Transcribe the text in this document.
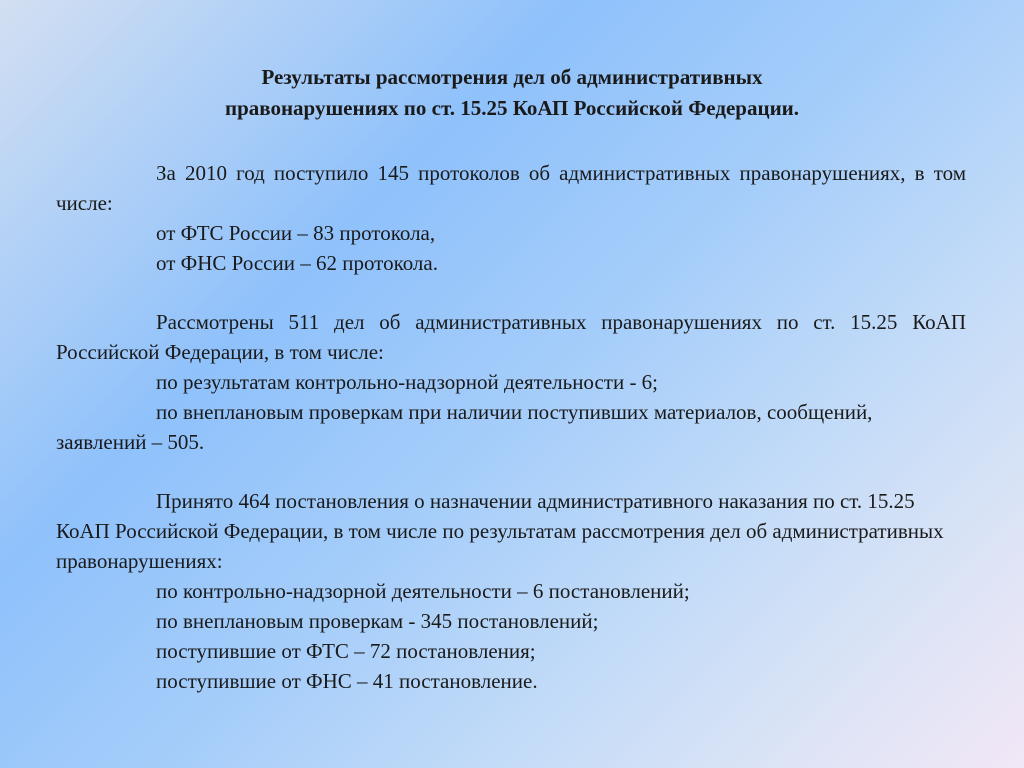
Результаты рассмотрения дел об административных
правонарушениях по ст. 15.25 КоАП Российской Федерации.

За 2010 год поступило 145 протоколов об административных правонарушениях, в том числе:

от ФТС России – 83 протокола,

от ФНС России – 62 протокола.

Рассмотрены 511 дел об административных правонарушениях по ст. 15.25 КоАП Российской Федерации, в том числе:

по результатам контрольно-надзорной деятельности - 6;

по внеплановым проверкам при наличии поступивших материалов, сообщений, заявлений – 505.

Принято 464 постановления о назначении административного наказания по ст. 15.25 КоАП Российской Федерации, в том числе по результатам рассмотрения дел об административных правонарушениях:

по контрольно-надзорной деятельности – 6 постановлений;

по внеплановым проверкам - 345 постановлений;

поступившие от ФТС – 72 постановления;

поступившие от ФНС – 41 постановление.
